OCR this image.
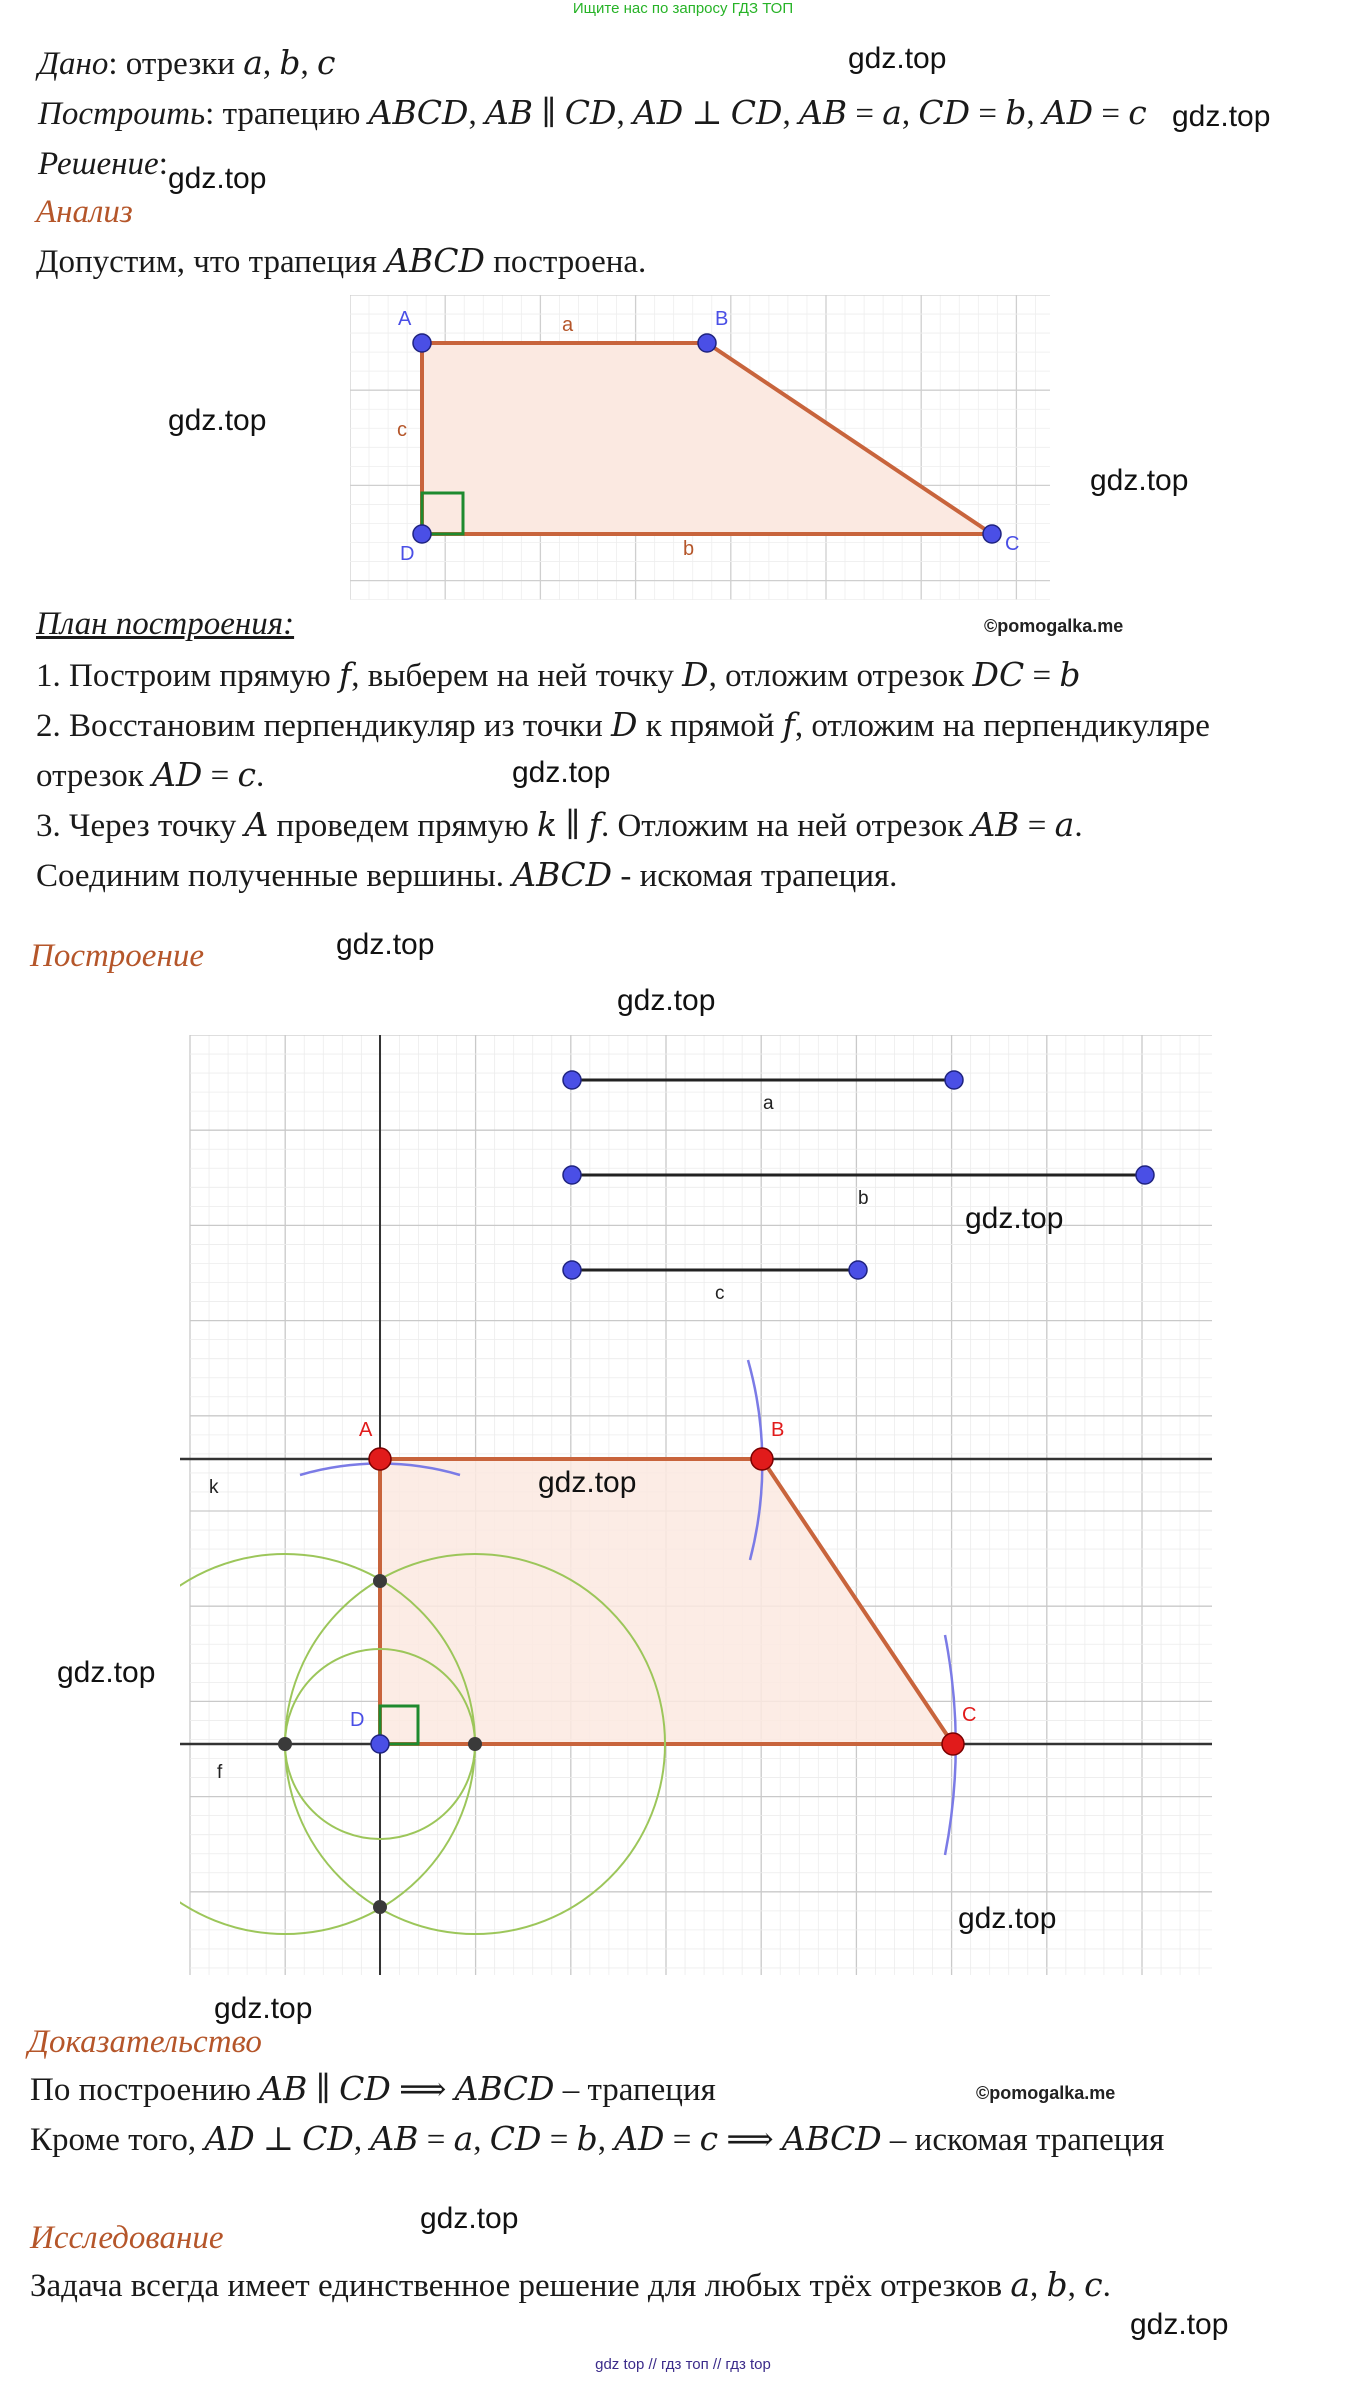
Ищите нас по запросу ГДЗ ТОП
Дано: отрезки 𝑎, 𝑏, 𝑐
Построить: трапецию 𝐴𝐵𝐶𝐷, 𝐴𝐵 ∥ 𝐶𝐷, 𝐴𝐷 ⊥ 𝐶𝐷, 𝐴𝐵 = 𝑎, 𝐶𝐷 = 𝑏, 𝐴𝐷 = 𝑐
Решение:
Анализ
Допустим, что трапеция 𝐴𝐵𝐶𝐷 построена.
A	B
C
D
a
b
c
gdz.top
gdz.top
gdz.top
gdz.top
gdz.top
План построения:	©pomogalka.me
1. Построим прямую 𝑓, выберем на ней точку 𝐷, отложим отрезок 𝐷𝐶 = 𝑏
2. Восстановим перпендикуляр из точки 𝐷 к прямой 𝑓, отложим на перпендикуляре
отрезок 𝐴𝐷 = 𝑐.	gdz.top
3. Через точку 𝐴 проведем прямую 𝑘 ∥ 𝑓. Отложим на ней отрезок 𝐴𝐵 = 𝑎.
Соединим полученные вершины. 𝐴𝐵𝐶𝐷 - искомая трапеция.
Построение	gdz.top
gdz.top
a
b
c
A	B
C
D
k
f
gdz.top
gdz.top
gdz.top
gdz.top
gdz.top
Доказательство
По построению 𝐴𝐵 ∥ 𝐶𝐷 ⟹ 𝐴𝐵𝐶𝐷 – трапеция	©pomogalka.me
Кроме того, 𝐴𝐷 ⊥ 𝐶𝐷, 𝐴𝐵 = 𝑎, 𝐶𝐷 = 𝑏, 𝐴𝐷 = 𝑐 ⟹ 𝐴𝐵𝐶𝐷 – искомая трапеция
gdz.top
Исследование
Задача всегда имеет единственное решение для любых трёх отрезков 𝑎, 𝑏, 𝑐.
gdz.top
gdz top // гдз топ // гдз top
